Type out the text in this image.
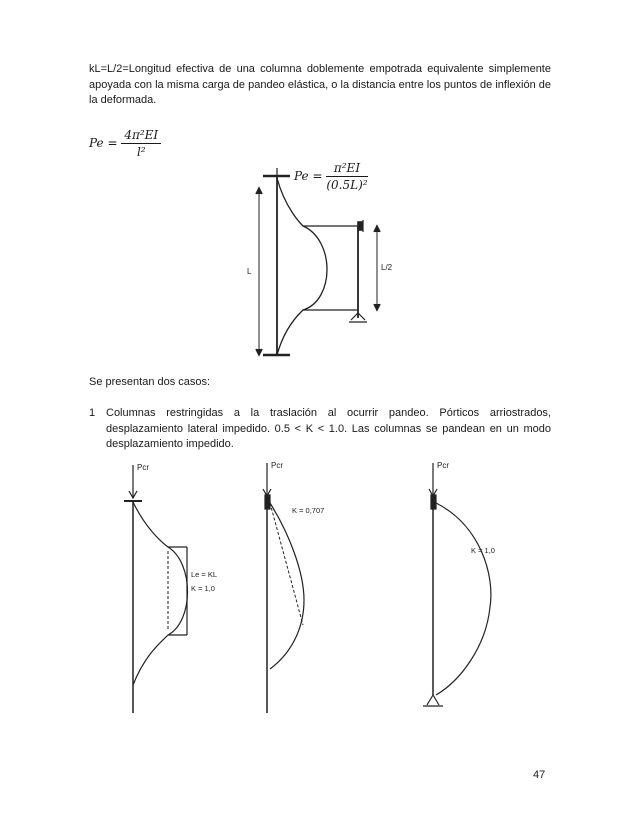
kL=L/2=Longitud efectiva de una columna doblemente empotrada equivalente simplemente apoyada con la misma carga de pandeo elástica, o la distancia entre los puntos de inflexión de la deformada.

$Pe = \frac{\text{4π²EI}}{\text{l²}}$
$Pe = \frac{\text{π²EI}}{\text{(0.5L)²}}$
L	L/2

Se presentan dos casos:

1 Columnas restringidas a la traslación al ocurrir pandeo. Pórticos arriostrados, desplazamiento lateral impedido. 0.5 < K < 1.0. Las columnas se pandean en un modo desplazamiento impedido.
Pcr
Le = KL
K = 1,0
Pcr
K = 0,707
Pcr
K = 1,0
47
